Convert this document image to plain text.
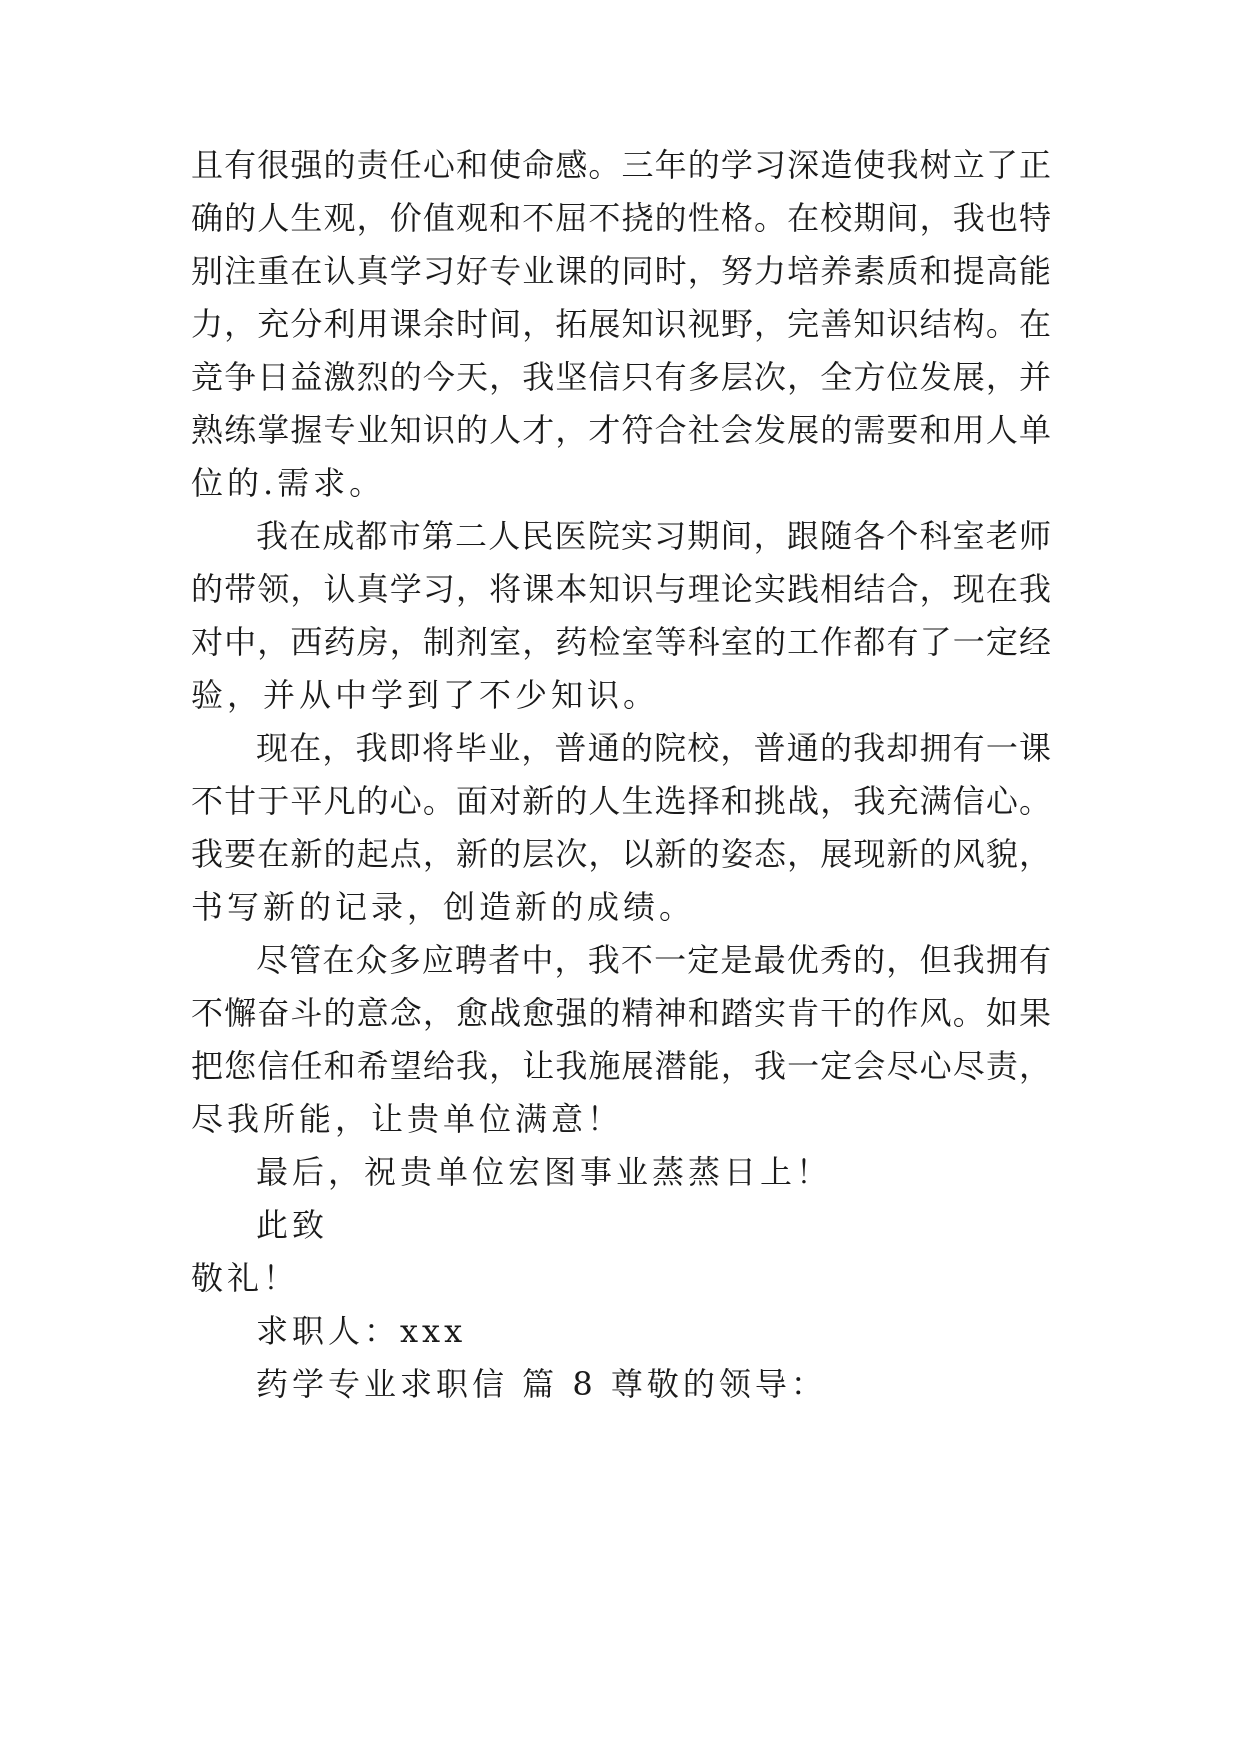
且有很强的责任心和使命感。三年的学习深造使我树立了正
确的人生观，价值观和不屈不挠的性格。在校期间，我也特
别注重在认真学习好专业课的同时，努力培养素质和提高能
力，充分利用课余时间，拓展知识视野，完善知识结构。在
竞争日益激烈的今天，我坚信只有多层次，全方位发展，并
熟练掌握专业知识的人才，才符合社会发展的需要和用人单
位的.需求。
我在成都市第二人民医院实习期间，跟随各个科室老师
的带领，认真学习，将课本知识与理论实践相结合，现在我
对中，西药房，制剂室，药检室等科室的工作都有了一定经
验，并从中学到了不少知识。
现在，我即将毕业，普通的院校，普通的我却拥有一课
不甘于平凡的心。面对新的人生选择和挑战，我充满信心。
我要在新的起点，新的层次，以新的姿态，展现新的风貌，
书写新的记录，创造新的成绩。
尽管在众多应聘者中，我不一定是最优秀的，但我拥有
不懈奋斗的意念，愈战愈强的精神和踏实肯干的作风。如果
把您信任和希望给我，让我施展潜能，我一定会尽心尽责，
尽我所能，让贵单位满意！
最后，祝贵单位宏图事业蒸蒸日上！
此致
敬礼！
求职人：xxx
药学专业求职信 篇 8 尊敬的领导：
